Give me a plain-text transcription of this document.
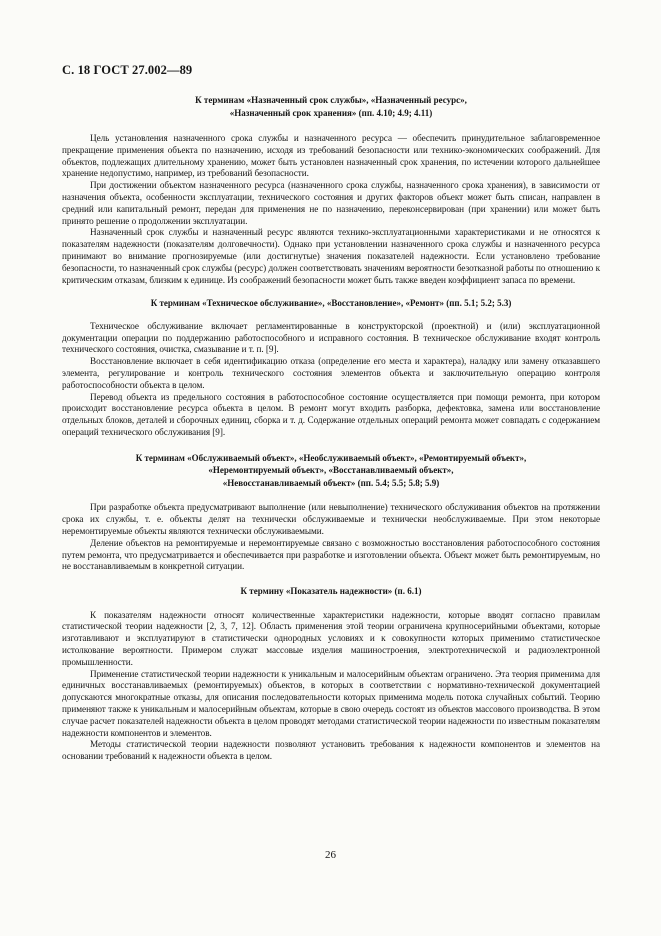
С. 18 ГОСТ 27.002—89

К терминам «Назначенный срок службы», «Назначенный ресурс»,
«Назначенный срок хранения» (пп. 4.10; 4.9; 4.11)

Цель установления назначенного срока службы и назначенного ресурса — обеспечить принудительное заблаговременное прекращение применения объекта по назначению, исходя из требований безопасности или технико-экономических соображений. Для объектов, подлежащих длительному хранению, может быть установлен назначенный срок хранения, по истечении которого дальнейшее хранение недопустимо, например, из требований безопасности.

При достижении объектом назначенного ресурса (назначенного срока службы, назначенного срока хранения), в зависимости от назначения объекта, особенности эксплуатации, технического состояния и других факторов объект может быть списан, направлен в средний или капитальный ремонт, передан для применения не по назначению, переконсервирован (при хранении) или может быть принято решение о продолжении эксплуатации.

Назначенный срок службы и назначенный ресурс являются технико-эксплуатационными характеристиками и не относятся к показателям надежности (показателям долговечности). Однако при установлении назначенного срока службы и назначенного ресурса принимают во внимание прогнозируемые (или достигнутые) значения показателей надежности. Если установлено требование безопасности, то назначенный срок службы (ресурс) должен соответствовать значениям вероятности безотказной работы по отношению к критическим отказам, близким к единице. Из соображений безопасности может быть также введен коэффициент запаса по времени.

К терминам «Техническое обслуживание», «Восстановление», «Ремонт» (пп. 5.1; 5.2; 5.3)

Техническое обслуживание включает регламентированные в конструкторской (проектной) и (или) эксплуатационной документации операции по поддержанию работоспособного и исправного состояния. В техническое обслуживание входят контроль технического состояния, очистка, смазывание и т. п. [9].

Восстановление включает в себя идентификацию отказа (определение его места и характера), наладку или замену отказавшего элемента, регулирование и контроль технического состояния элементов объекта и заключительную операцию контроля работоспособности объекта в целом.

Перевод объекта из предельного состояния в работоспособное состояние осуществляется при помощи ремонта, при котором происходит восстановление ресурса объекта в целом. В ремонт могут входить разборка, дефектовка, замена или восстановление отдельных блоков, деталей и сборочных единиц, сборка и т. д. Содержание отдельных операций ремонта может совпадать с содержанием операций технического обслуживания [9].

К терминам «Обслуживаемый объект», «Необслуживаемый объект», «Ремонтируемый объект»,
«Неремонтируемый объект», «Восстанавливаемый объект»,
«Невосстанавливаемый объект» (пп. 5.4; 5.5; 5.8; 5.9)

При разработке объекта предусматривают выполнение (или невыполнение) технического обслуживания объектов на протяжении срока их службы, т. е. объекты делят на технически обслуживаемые и технически необслуживаемые. При этом некоторые неремонтируемые объекты являются технически обслуживаемыми.

Деление объектов на ремонтируемые и неремонтируемые связано с возможностью восстановления работоспособного состояния путем ремонта, что предусматривается и обеспечивается при разработке и изготовлении объекта. Объект может быть ремонтируемым, но не восстанавливаемым в конкретной ситуации.

К термину «Показатель надежности» (п. 6.1)

К показателям надежности относят количественные характеристики надежности, которые вводят согласно правилам статистической теории надежности [2, 3, 7, 12]. Область применения этой теории ограничена крупносерийными объектами, которые изготавливают и эксплуатируют в статистически однородных условиях и к совокупности которых применимо статистическое истолкование вероятности. Примером служат массовые изделия машиностроения, электротехнической и радиоэлектронной промышленности.

Применение статистической теории надежности к уникальным и малосерийным объектам ограничено. Эта теория применима для единичных восстанавливаемых (ремонтируемых) объектов, в которых в соответствии с нормативно-технической документацией допускаются многократные отказы, для описания последовательности которых применима модель потока случайных событий. Теорию применяют также к уникальным и малосерийным объектам, которые в свою очередь состоят из объектов массового производства. В этом случае расчет показателей надежности объекта в целом проводят методами статистической теории надежности по известным показателям надежности компонентов и элементов.

Методы статистической теории надежности позволяют установить требования к надежности компонентов и элементов на основании требований к надежности объекта в целом.

26
